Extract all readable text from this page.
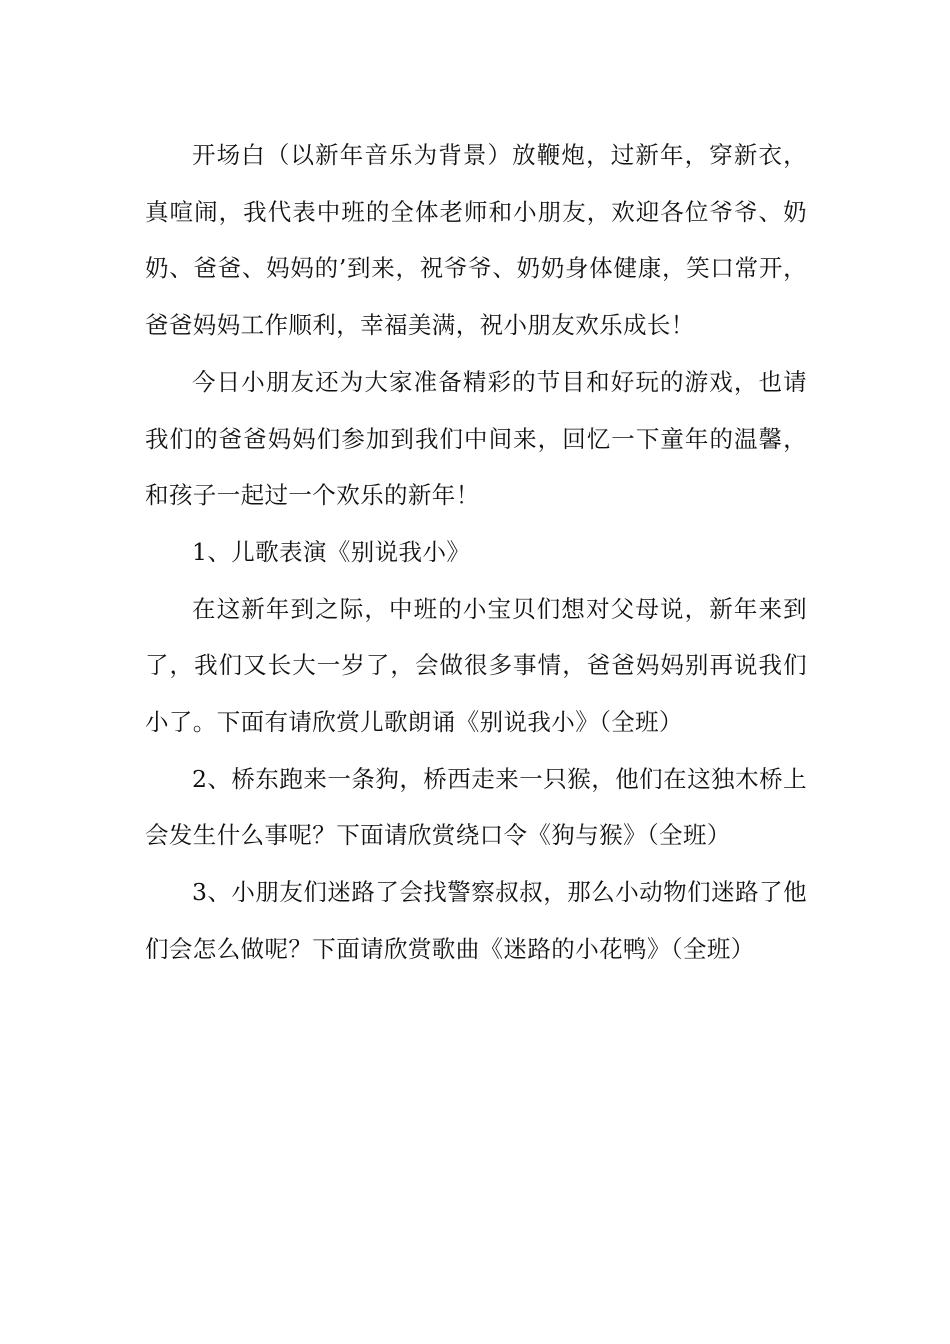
开场白（以新年音乐为背景）放鞭炮，过新年，穿新衣，真喧闹，我代表中班的全体老师和小朋友，欢迎各位爷爷、奶奶、爸爸、妈妈的’到来，祝爷爷、奶奶身体健康，笑口常开，爸爸妈妈工作顺利，幸福美满，祝小朋友欢乐成长！

今日小朋友还为大家准备精彩的节目和好玩的游戏，也请我们的爸爸妈妈们参加到我们中间来，回忆一下童年的温馨，和孩子一起过一个欢乐的新年！

1、儿歌表演《别说我小》

在这新年到之际，中班的小宝贝们想对父母说，新年来到了，我们又长大一岁了，会做很多事情，爸爸妈妈别再说我们小了。下面有请欣赏儿歌朗诵《别说我小》（全班）

2、桥东跑来一条狗，桥西走来一只猴，他们在这独木桥上会发生什么事呢？下面请欣赏绕口令《狗与猴》（全班）

3、小朋友们迷路了会找警察叔叔，那么小动物们迷路了他们会怎么做呢？下面请欣赏歌曲《迷路的小花鸭》（全班）
